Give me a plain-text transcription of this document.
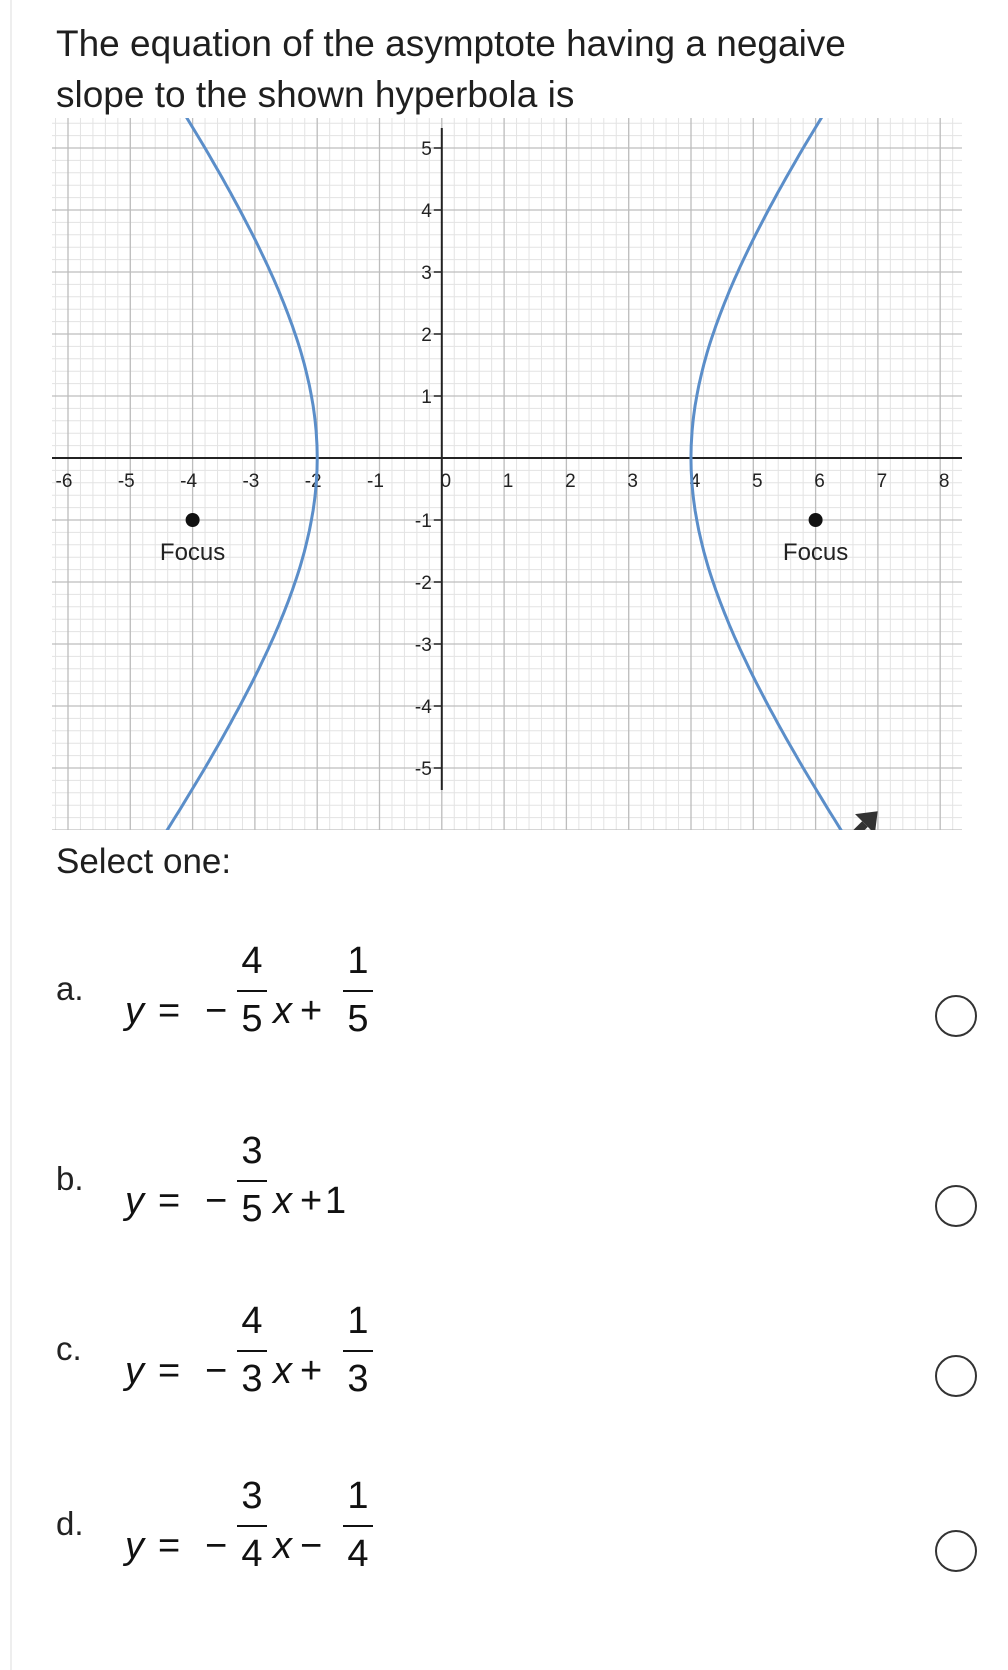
The equation of the asymptote having a negaive
slope to the shown hyperbola is
-6 -5 -4 -3 -2 -1	0	1	2	3	4	5	6	7	8
5
4
3
2
1
-1
-2
-3
-4
-5
Focus	Focus
Select one:
a.
y = −
4
5 x +
1
5
b.
y = −
3
5 x + 1
c.
y = −
4
3 x +
1
3
d.
y = −
3
4 x −
1
4
